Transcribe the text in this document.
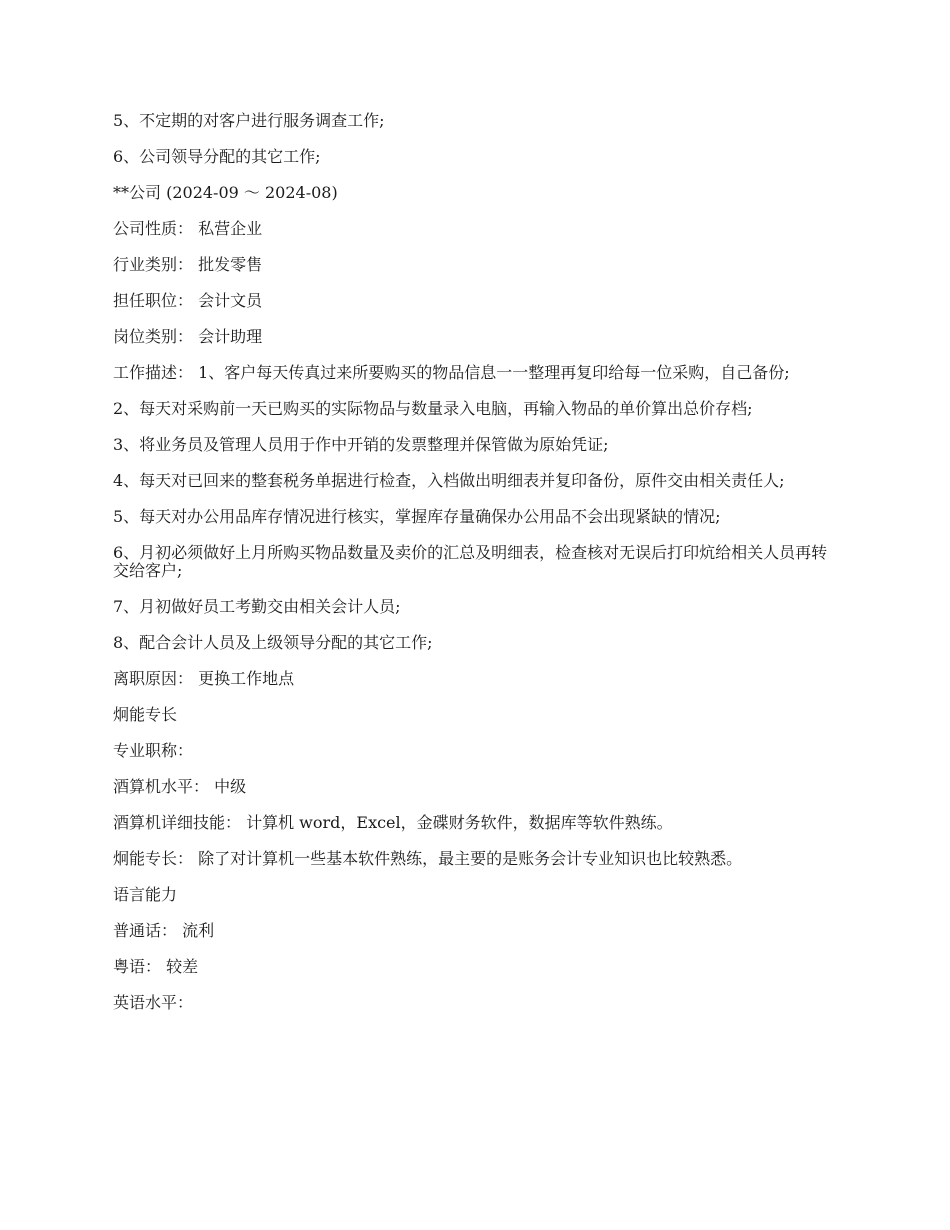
5、不定期的对客户进行服务调查工作;

6、公司领导分配的其它工作;

**公司 (2024-09 ～ 2024-08)

公司性质： 私营企业

行业类别： 批发零售

担任职位： 会计文员

岗位类别： 会计助理

工作描述： 1、客户每天传真过来所要购买的物品信息一一整理再复印给每一位采购，自己备份;

2、每天对采购前一天已购买的实际物品与数量录入电脑，再输入物品的单价算出总价存档;

3、将业务员及管理人员用于作中开销的发票整理并保管做为原始凭证;

4、每天对已回来的整套税务单据进行检查，入档做出明细表并复印备份，原件交由相关责任人;

5、每天对办公用品库存情况进行核实，掌握库存量确保办公用品不会出现紧缺的情况;

6、月初必须做好上月所购买物品数量及卖价的汇总及明细表，检查核对无误后打印炕给相关人员再转交给客户;

7、月初做好员工考勤交由相关会计人员;

8、配合会计人员及上级领导分配的其它工作;

离职原因： 更换工作地点

炯能专长

专业职称：

酒算机水平： 中级

酒算机详细技能： 计算机 word，Excel，金碟财务软件，数据库等软件熟练。

炯能专长： 除了对计算机一些基本软件熟练，最主要的是账务会计专业知识也比较熟悉。

语言能力

普通话： 流利

粤语： 较差

英语水平：
